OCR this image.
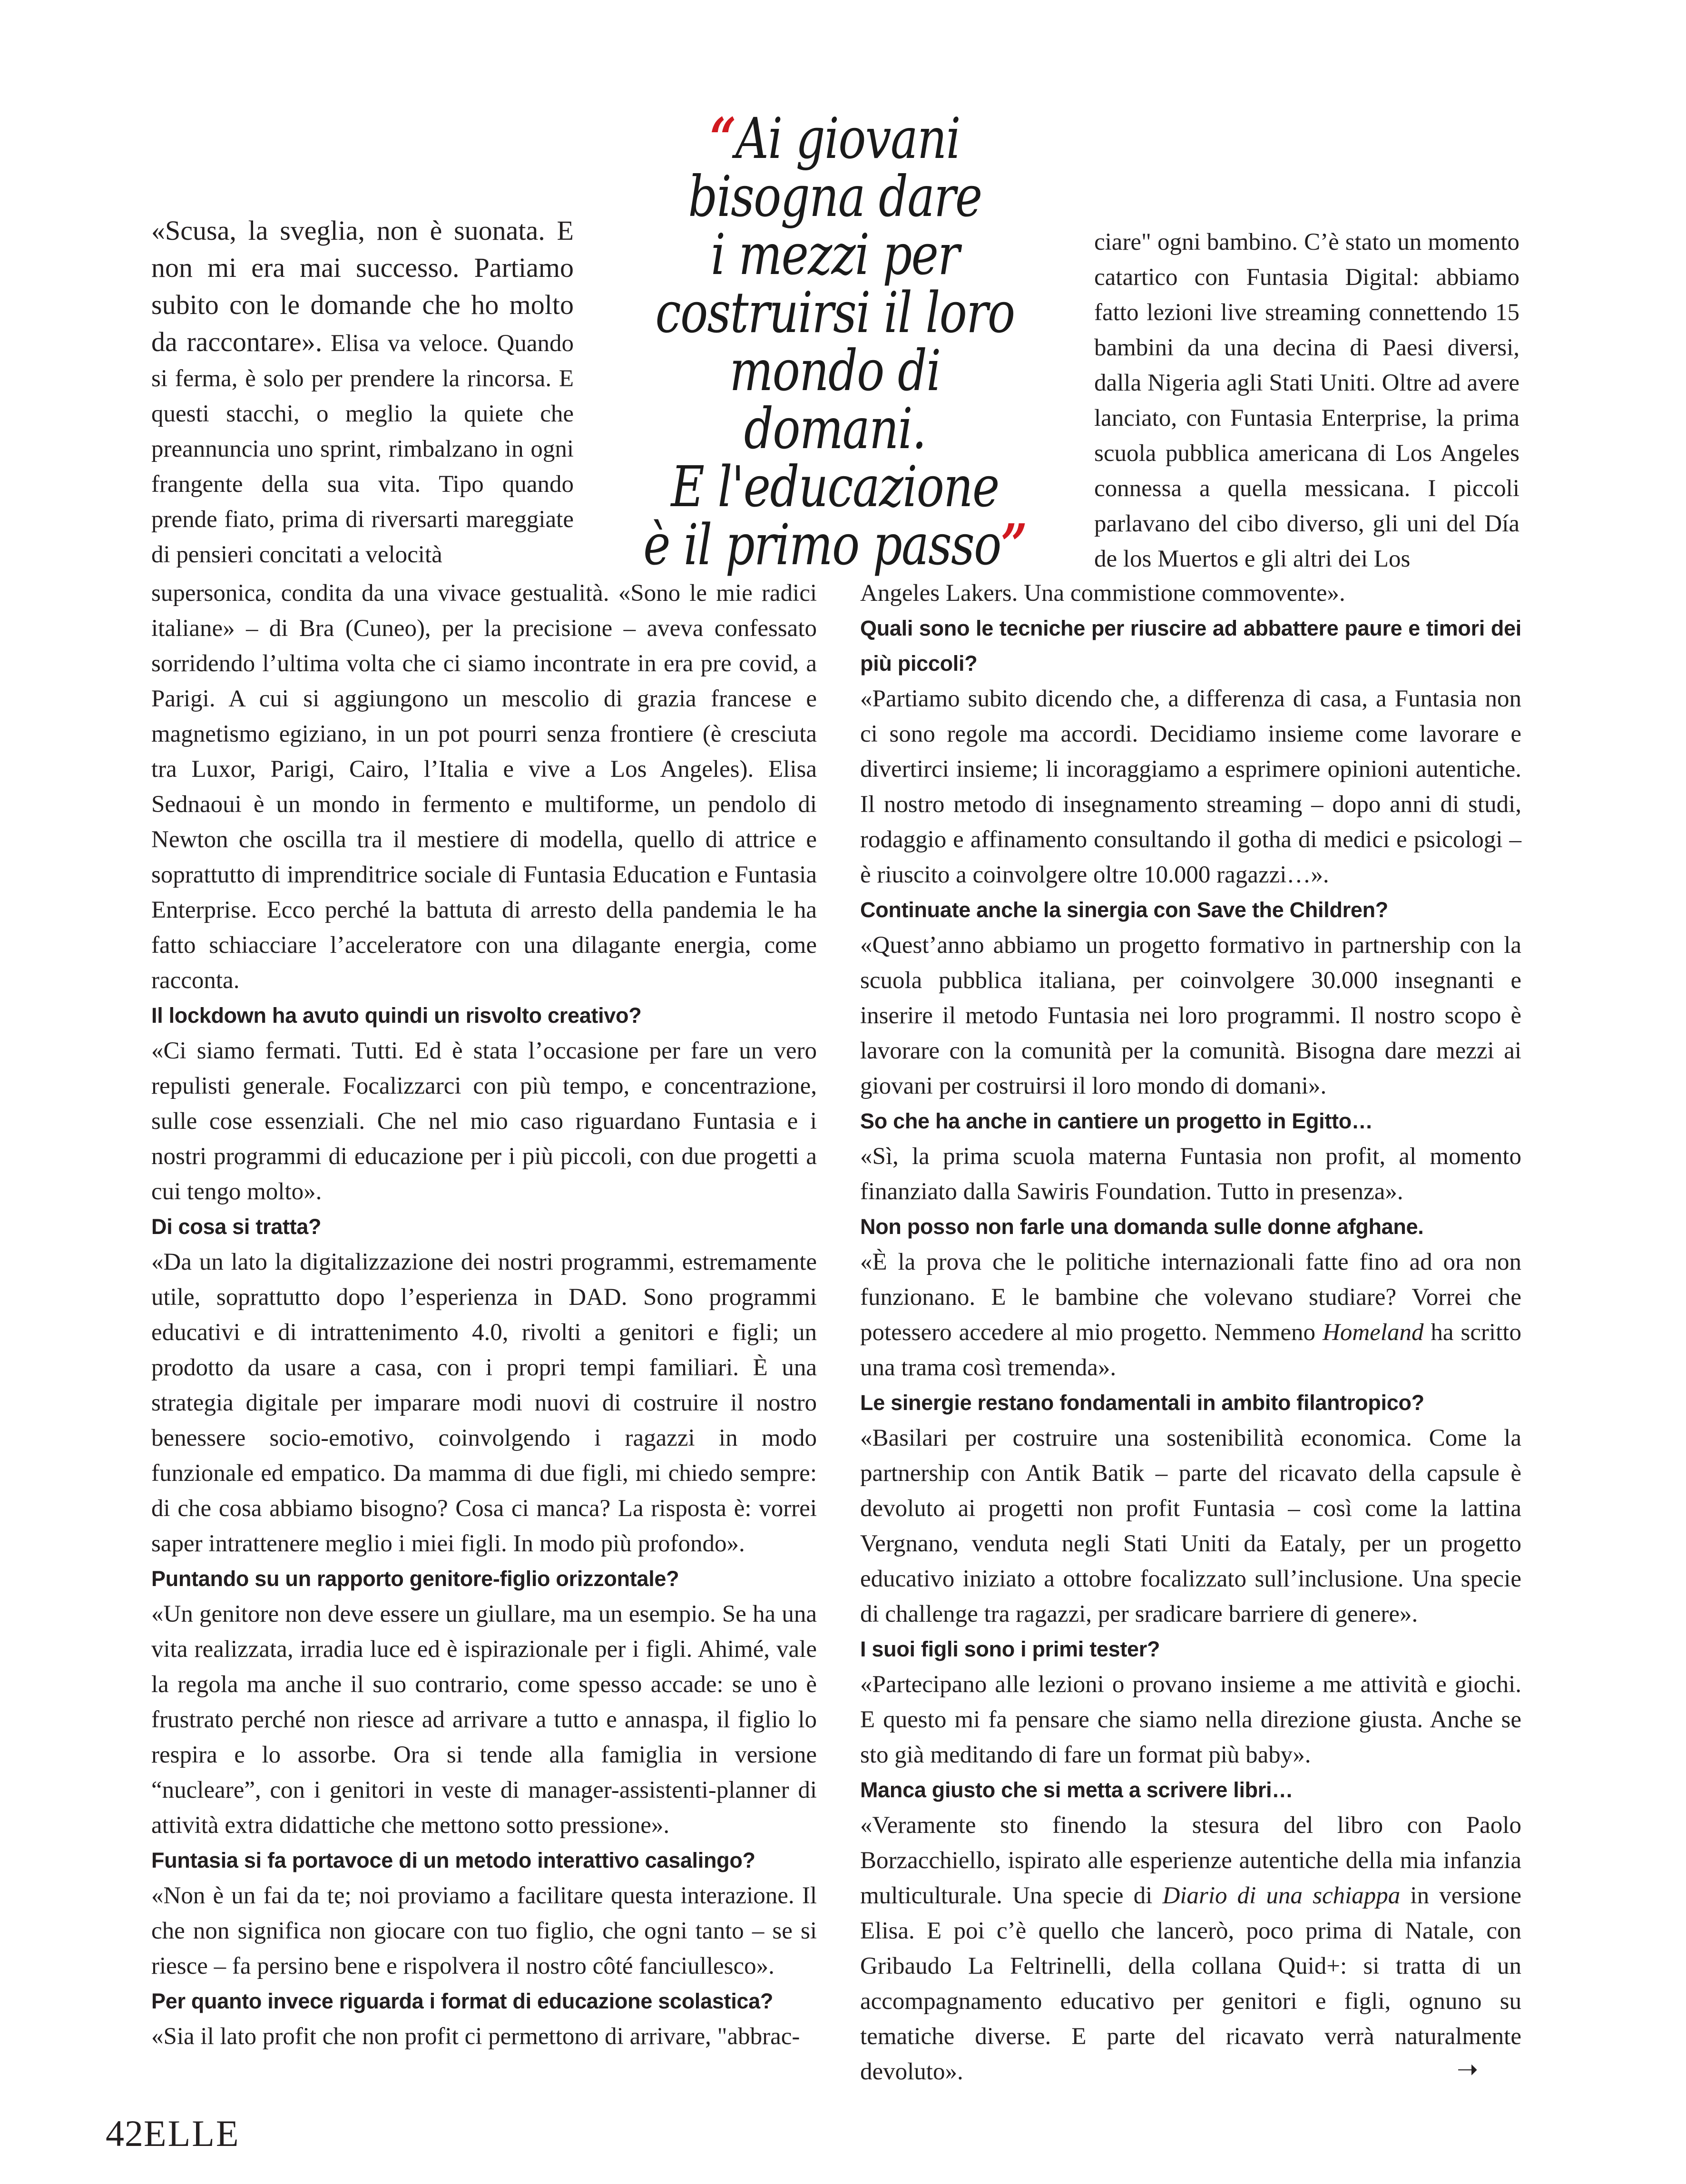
“Ai giovani
bisogna dare
i mezzi per
costruirsi il loro
mondo di domani.
E l'educazione
è il primo passo”

«Scusa, la sveglia, non è suonata. E non mi era mai successo. Partiamo subito con le domande che ho molto da raccontare». Elisa va veloce. Quando si ferma, è solo per prendere la rincorsa. E questi stacchi, o meglio la quiete che preannuncia uno sprint, rimbalzano in ogni frangente della sua vita. Tipo quando prende fiato, prima di riversarti mareggiate di pensieri concitati a velocità

supersonica, condita da una vivace gestualità. «Sono le mie radici italiane» – di Bra (Cuneo), per la precisione – aveva confessato sorridendo l’ultima volta che ci siamo incontrate in era pre covid, a Parigi. A cui si aggiungono un mescolio di grazia francese e magnetismo egiziano, in un pot pourri senza frontiere (è cresciuta tra Luxor, Parigi, Cairo, l’Italia e vive a Los Angeles). Elisa Sednaoui è un mondo in fermento e multiforme, un pendolo di Newton che oscilla tra il mestiere di modella, quello di attrice e soprattutto di imprenditrice sociale di Funtasia Education e Funtasia Enterprise. Ecco perché la battuta di arresto della pandemia le ha fatto schiacciare l’acceleratore con una dilagante energia, come racconta.

Il lockdown ha avuto quindi un risvolto creativo?

«Ci siamo fermati. Tutti. Ed è stata l’occasione per fare un vero repulisti generale. Focalizzarci con più tempo, e concentrazione, sulle cose essenziali. Che nel mio caso riguardano Funtasia e i nostri programmi di educazione per i più piccoli, con due progetti a cui tengo molto».

Di cosa si tratta?

«Da un lato la digitalizzazione dei nostri programmi, estremamente utile, soprattutto dopo l’esperienza in DAD. Sono programmi educativi e di intrattenimento 4.0, rivolti a genitori e figli; un prodotto da usare a casa, con i propri tempi familiari. È una strategia digitale per imparare modi nuovi di costruire il nostro benessere socio-emotivo, coinvolgendo i ragazzi in modo funzionale ed empatico. Da mamma di due figli, mi chiedo sempre: di che cosa abbiamo bisogno? Cosa ci manca? La risposta è: vorrei saper intrattenere meglio i miei figli. In modo più profondo».

Puntando su un rapporto genitore-figlio orizzontale?

«Un genitore non deve essere un giullare, ma un esempio. Se ha una vita realizzata, irradia luce ed è ispirazionale per i figli. Ahimé, vale la regola ma anche il suo contrario, come spesso accade: se uno è frustrato perché non riesce ad arrivare a tutto e annaspa, il figlio lo respira e lo assorbe. Ora si tende alla famiglia in versione “nucleare”, con i genitori in veste di manager-assistenti-planner di attività extra didattiche che mettono sotto pressione».

Funtasia si fa portavoce di un metodo interattivo casalingo?

«Non è un fai da te; noi proviamo a facilitare questa interazione. Il che non significa non giocare con tuo figlio, che ogni tanto – se si riesce – fa persino bene e rispolvera il nostro côté fanciullesco».

Per quanto invece riguarda i format di educazione scolastica?

«Sia il lato profit che non profit ci permettono di arrivare, "abbrac-

ciare" ogni bambino. C’è stato un momento catartico con Funtasia Digital: abbiamo fatto lezioni live streaming connettendo 15 bambini da una decina di Paesi diversi, dalla Nigeria agli Stati Uniti. Oltre ad avere lanciato, con Funtasia Enterprise, la prima scuola pubblica americana di Los Angeles connessa a quella messicana. I piccoli parlavano del cibo diverso, gli uni del Día de los Muertos e gli altri dei Los

Angeles Lakers. Una commistione commovente».

Quali sono le tecniche per riuscire ad abbattere paure e timori dei più piccoli?

«Partiamo subito dicendo che, a differenza di casa, a Funtasia non ci sono regole ma accordi. Decidiamo insieme come lavorare e divertirci insieme; li incoraggiamo a esprimere opinioni autentiche. Il nostro metodo di insegnamento streaming – dopo anni di studi, rodaggio e affinamento consultando il gotha di medici e psicologi – è riuscito a coinvolgere oltre 10.000 ragazzi…».

Continuate anche la sinergia con Save the Children?

«Quest’anno abbiamo un progetto formativo in partnership con la scuola pubblica italiana, per coinvolgere 30.000 insegnanti e inserire il metodo Funtasia nei loro programmi. Il nostro scopo è lavorare con la comunità per la comunità. Bisogna dare mezzi ai giovani per costruirsi il loro mondo di domani».

So che ha anche in cantiere un progetto in Egitto…

«Sì, la prima scuola materna Funtasia non profit, al momento finanziato dalla Sawiris Foundation. Tutto in presenza».

Non posso non farle una domanda sulle donne afghane.

«È la prova che le politiche internazionali fatte fino ad ora non funzionano. E le bambine che volevano studiare? Vorrei che potessero accedere al mio progetto. Nemmeno Homeland ha scritto una trama così tremenda».

Le sinergie restano fondamentali in ambito filantropico?

«Basilari per costruire una sostenibilità economica. Come la partnership con Antik Batik – parte del ricavato della capsule è devoluto ai progetti non profit Funtasia – così come la lattina Vergnano, venduta negli Stati Uniti da Eataly, per un progetto educativo iniziato a ottobre focalizzato sull’inclusione. Una specie di challenge tra ragazzi, per sradicare barriere di genere».

I suoi figli sono i primi tester?

«Partecipano alle lezioni o provano insieme a me attività e giochi. E questo mi fa pensare che siamo nella direzione giusta. Anche se sto già meditando di fare un format più baby».

Manca giusto che si metta a scrivere libri…

«Veramente sto finendo la stesura del libro con Paolo Borzacchiello, ispirato alle esperienze autentiche della mia infanzia multiculturale. Una specie di Diario di una schiappa in versione Elisa. E poi c’è quello che lancerò, poco prima di Natale, con Gribaudo La Feltrinelli, della collana Quid+: si tratta di un accompagnamento educativo per genitori e figli, ognuno su tematiche diverse. E parte del ricavato verrà naturalmente devoluto».	➝
42ELLE
